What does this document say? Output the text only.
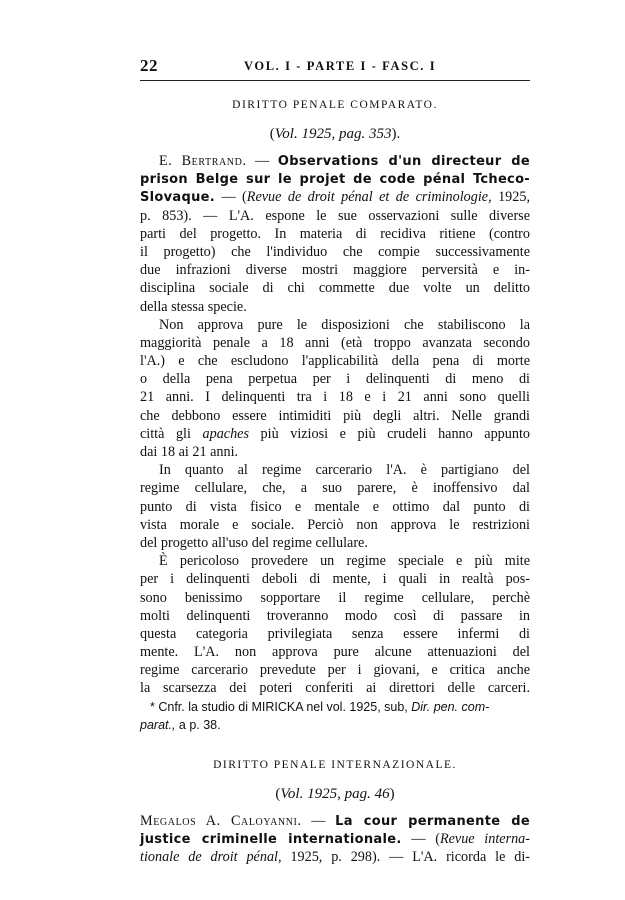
22	VOL. I - PARTE I - FASC. I
DIRITTO PENALE COMPARATO.
(Vol. 1925, pag. 353).
E. Bertrand. — Observations d'un directeur de
prison Belge sur le projet de code pénal Tcheco-
Slovaque. — (Revue de droit pénal et de criminologie, 1925,
p. 853). — L'A. espone le sue osservazioni sulle diverse
parti del progetto. In materia di recidiva ritiene (contro
il progetto) che l'individuo che compie successivamente
due infrazioni diverse mostri maggiore perversità e in-
disciplina sociale di chi commette due volte un delitto
della stessa specie.
Non approva pure le disposizioni che stabiliscono la
maggiorità penale a 18 anni (età troppo avanzata secondo
l'A.) e che escludono l'applicabilità della pena di morte
o della pena perpetua per i delinquenti di meno di
21 anni. I delinquenti tra i 18 e i 21 anni sono quelli
che debbono essere intimiditi più degli altri. Nelle grandi
città gli apaches più viziosi e più crudeli hanno appunto
dai 18 ai 21 anni.
In quanto al regime carcerario l'A. è partigiano del
regime cellulare, che, a suo parere, è inoffensivo dal
punto di vista fisico e mentale e ottimo dal punto di
vista morale e sociale. Perciò non approva le restrizioni
del progetto all'uso del regime cellulare.
È pericoloso provedere un regime speciale e più mite
per i delinquenti deboli di mente, i quali in realtà pos-
sono benissimo sopportare il regime cellulare, perchè
molti delinquenti troveranno modo così di passare in
questa categoria privilegiata senza essere infermi di
mente. L'A. non approva pure alcune attenuazioni del
regime carcerario prevedute per i giovani, e critica anche
la scarsezza dei poteri conferiti ai direttori delle carceri.
* Cnfr. la studio di MIRICKA nel vol. 1925, sub, Dir. pen. com-
parat., a p. 38.
DIRITTO PENALE INTERNAZIONALE.
(Vol. 1925, pag. 46)
Megalos A. Caloyanni. — La cour permanente de
justice criminelle internationale. — (Revue interna-
tionale de droit pénal, 1925, p. 298). — L'A. ricorda le di-
